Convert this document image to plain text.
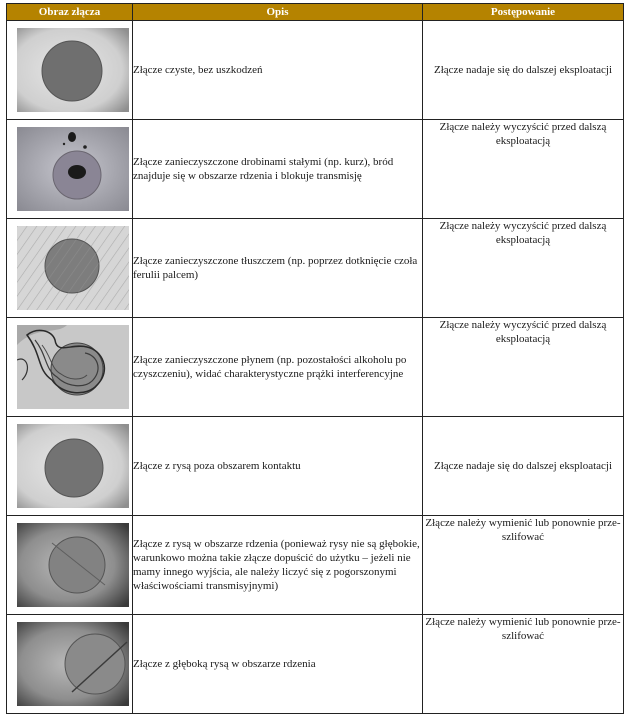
Obraz złącza	Opis	Postępowanie

	Złącze czyste, bez uszkodzeń	Złącze nadaje się do dalszej eksploatacji

	Złącze zanieczyszczone drobinami stałymi (np. kurz), bród znajduje się w obszarze rdzenia i blokuje transmisję	Złącze należy wyczyścić przed dalszą eksploatacją

	Złącze zanieczyszczone tłuszczem (np. poprzez dotknięcie czoła ferulii palcem)	Złącze należy wyczyścić przed dalszą eksploatacją

	Złącze zanieczyszczone płynem (np. pozostałości alkoholu po czyszczeniu), widać charakterystyczne prążki interferencyjne	Złącze należy wyczyścić przed dalszą eksploatacją

	Złącze z rysą poza obszarem kontaktu	Złącze nadaje się do dalszej eksploatacji

	Złącze z rysą w obszarze rdzenia (ponieważ rysy nie są głębokie, warunkowo można takie złącze dopuścić do użytku – jeżeli nie mamy innego wyjścia, ale należy liczyć się z pogorszonymi właściwościami transmisyjnymi)	Złącze należy wymienić lub ponownie prze- szlifować

	Złącze z głęboką rysą w obszarze rdzenia	Złącze należy wymienić lub ponownie prze- szlifować
